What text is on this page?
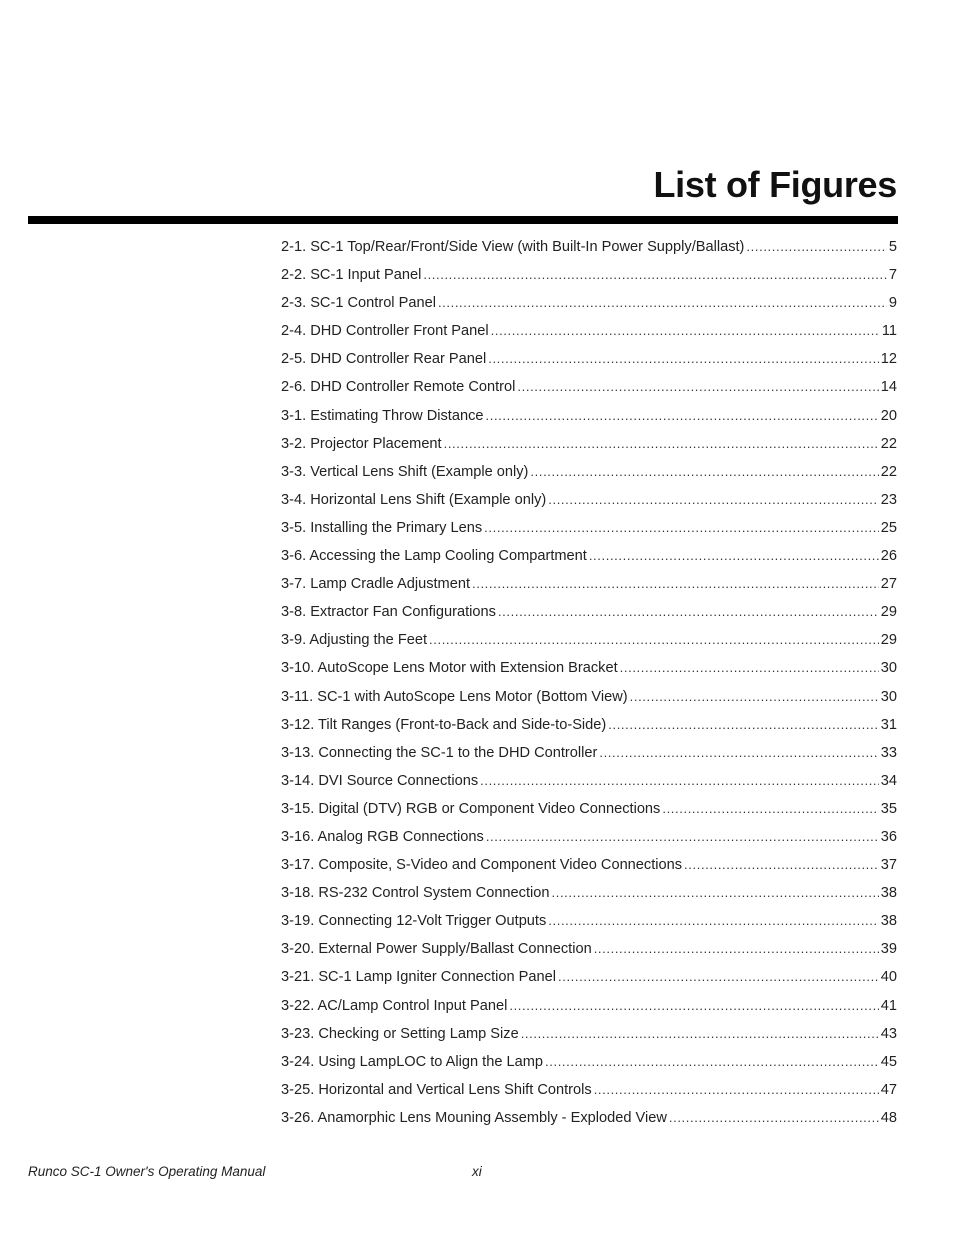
List of Figures
2-1. SC-1 Top/Rear/Front/Side View (with Built-In Power Supply/Ballast) . . .	5
2-2. SC-1 Input Panel . . .	7
2-3. SC-1 Control Panel . . .	9
2-4. DHD Controller Front Panel . . .	11
2-5. DHD Controller Rear Panel . . .	12
2-6. DHD Controller Remote Control . . .	14
3-1. Estimating Throw Distance . . .	20
3-2. Projector Placement . . .	22
3-3. Vertical Lens Shift (Example only) . . .	22
3-4. Horizontal Lens Shift (Example only) . . .	23
3-5. Installing the Primary Lens . . .	25
3-6. Accessing the Lamp Cooling Compartment . . .	26
3-7. Lamp Cradle Adjustment . . .	27
3-8. Extractor Fan Configurations . . .	29
3-9. Adjusting the Feet . . .	29
3-10. AutoScope Lens Motor with Extension Bracket . . .	30
3-11. SC-1 with AutoScope Lens Motor (Bottom View) . . .	30
3-12. Tilt Ranges (Front-to-Back and Side-to-Side) . . .	31
3-13. Connecting the SC-1 to the DHD Controller . . .	33
3-14. DVI Source Connections . . .	34
3-15. Digital (DTV) RGB or Component Video Connections . . .	35
3-16. Analog RGB Connections . . .	36
3-17. Composite, S-Video and Component Video Connections . . .	37
3-18. RS-232 Control System Connection . . .	38
3-19. Connecting 12-Volt Trigger Outputs . . .	38
3-20. External Power Supply/Ballast Connection . . .	39
3-21. SC-1 Lamp Igniter Connection Panel . . .	40
3-22. AC/Lamp Control Input Panel . . .	41
3-23. Checking or Setting Lamp Size . . .	43
3-24. Using LampLOC to Align the Lamp . . .	45
3-25. Horizontal and Vertical Lens Shift Controls . . .	47
3-26. Anamorphic Lens Mouning Assembly - Exploded View . . .	48
Runco SC-1 Owner's Operating Manual	xi
